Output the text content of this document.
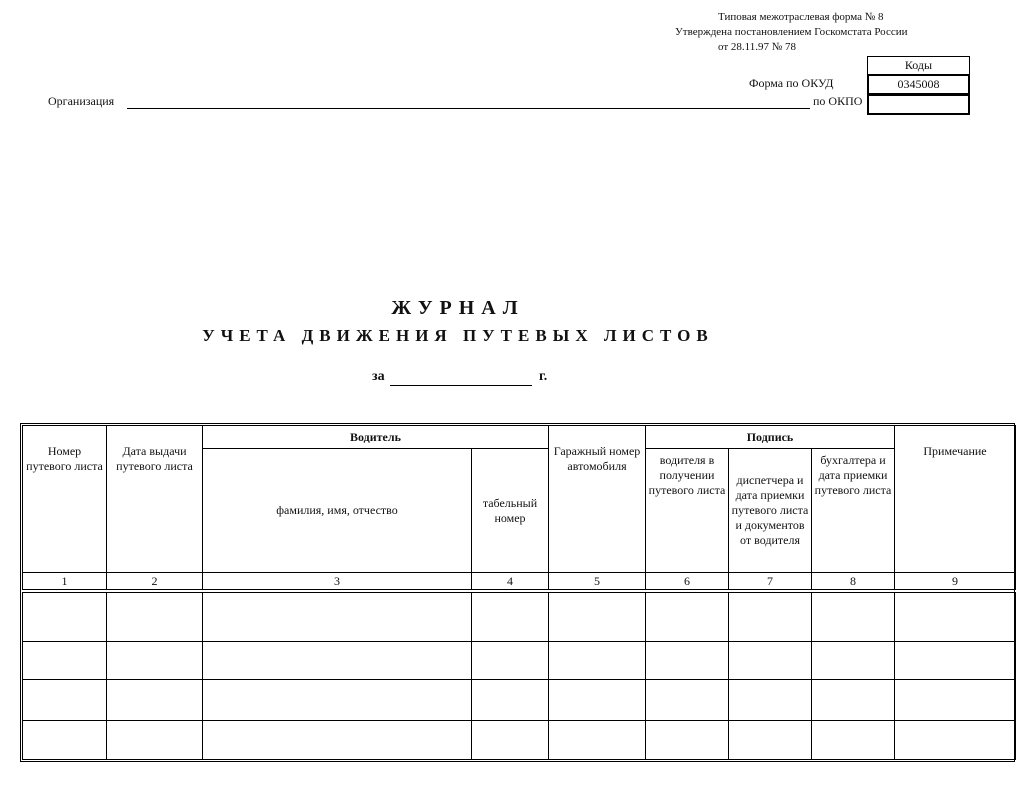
Типовая межотраслевая форма № 8
Утверждена постановлением Госкомстата России
от 28.11.97 № 78
Форма по ОКУД
по ОКПО
Коды
0345008
Организация
ЖУРНАЛ
УЧЕТА ДВИЖЕНИЯ ПУТЕВЫХ ЛИСТОВ
за	г.
Номер путевого листа	Дата выдачи путевого листа	Водитель		Гаражный номер автомобиля	Подпись			Примечание
		фамилия, имя, отчество	табельный номер		водителя в получении путевого листа	диспетчера и дата приемки путевого листа и документов от водителя	бухгалтера и дата приемки путевого листа	
1	2	3	4	5	6	7	8	9
